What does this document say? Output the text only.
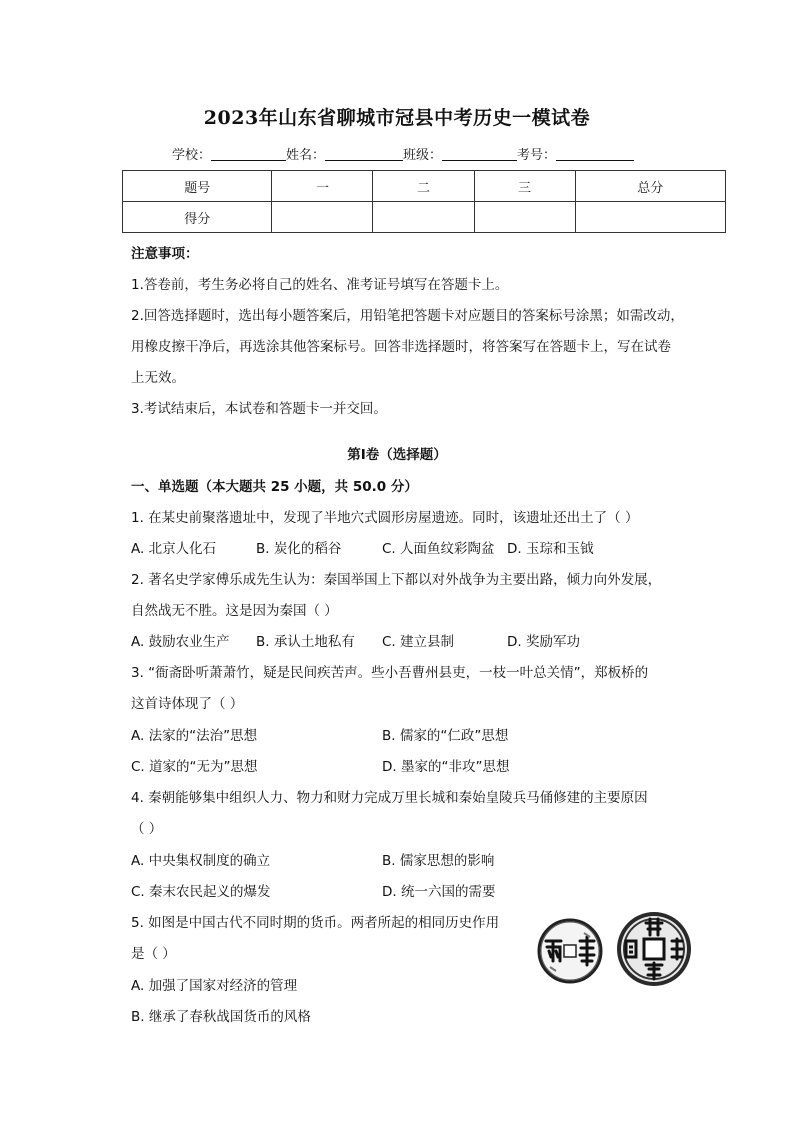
2023年山东省聊城市冠县中考历史一模试卷
学校：	姓名：	班级：	考号：
题号	一	二	三	总分
得分				
注意事项：
1.答卷前，考生务必将自己的姓名、准考证号填写在答题卡上。
2.回答选择题时，选出每小题答案后，用铅笔把答题卡对应题目的答案标号涂黑；如需改动，
用橡皮擦干净后，再选涂其他答案标号。回答非选择题时，将答案写在答题卡上，写在试卷
上无效。
3.考试结束后，本试卷和答题卡一并交回。
第I卷（选择题）
一、单选题（本大题共 25 小题，共 50.0 分）
1. 在某史前聚落遗址中，发现了半地穴式圆形房屋遗迹。同时，该遗址还出土了（ ）
A. 北京人化石	B. 炭化的稻谷	C. 人面鱼纹彩陶盆 D. 玉琮和玉钺
2. 著名史学家傅乐成先生认为：秦国举国上下都以对外战争为主要出路，倾力向外发展，
自然战无不胜。这是因为秦国（ ）
A. 鼓励农业生产 B. 承认土地私有 C. 建立县制	D. 奖励军功
3. “衙斋卧听萧萧竹，疑是民间疾苦声。些小吾曹州县吏，一枝一叶总关情”，郑板桥的
这首诗体现了（ ）
A. 法家的“法治”思想	B. 儒家的“仁政”思想
C. 道家的“无为”思想	D. 墨家的“非攻”思想
4. 秦朝能够集中组织人力、物力和财力完成万里长城和秦始皇陵兵马俑修建的主要原因
（ ）
A. 中央集权制度的确立	B. 儒家思想的影响
C. 秦末农民起义的爆发	D. 统一六国的需要
5. 如图是中国古代不同时期的货币。两者所起的相同历史作用
是（ ）
A. 加强了国家对经济的管理
B. 继承了春秋战国货币的风格
